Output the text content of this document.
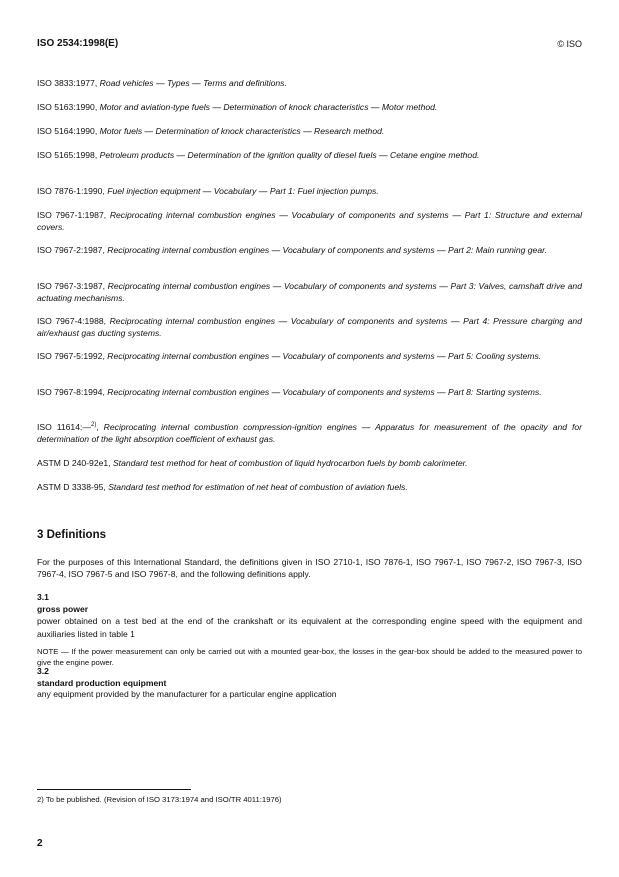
ISO 2534:1998(E)	© ISO
ISO 3833:1977, Road vehicles — Types — Terms and definitions.
ISO 5163:1990, Motor and aviation-type fuels — Determination of knock characteristics — Motor method.
ISO 5164:1990, Motor fuels — Determination of knock characteristics — Research method.
ISO 5165:1998, Petroleum products — Determination of the ignition quality of diesel fuels — Cetane engine method.
ISO 7876-1:1990, Fuel injection equipment — Vocabulary — Part 1: Fuel injection pumps.
ISO 7967-1:1987, Reciprocating internal combustion engines — Vocabulary of components and systems — Part 1: Structure and external covers.
ISO 7967-2:1987, Reciprocating internal combustion engines — Vocabulary of components and systems — Part 2: Main running gear.
ISO 7967-3:1987, Reciprocating internal combustion engines — Vocabulary of components and systems — Part 3: Valves, camshaft drive and actuating mechanisms.
ISO 7967-4:1988, Reciprocating internal combustion engines — Vocabulary of components and systems — Part 4: Pressure charging and air/exhaust gas ducting systems.
ISO 7967-5:1992, Reciprocating internal combustion engines — Vocabulary of components and systems — Part 5: Cooling systems.
ISO 7967-8:1994, Reciprocating internal combustion engines — Vocabulary of components and systems — Part 8: Starting systems.
ISO 11614:—$^{2)}$, Reciprocating internal combustion compression-ignition engines — Apparatus for measurement of the opacity and for determination of the light absorption coefficient of exhaust gas.
ASTM D 240-92e1, Standard test method for heat of combustion of liquid hydrocarbon fuels by bomb calorimeter.
ASTM D 3338-95, Standard test method for estimation of net heat of combustion of aviation fuels.
3 Definitions
For the purposes of this International Standard, the definitions given in ISO 2710-1, ISO 7876-1, ISO 7967-1, ISO 7967-2, ISO 7967-3, ISO 7967-4, ISO 7967-5 and ISO 7967-8, and the following definitions apply.
3.1
gross power
power obtained on a test bed at the end of the crankshaft or its equivalent at the corresponding engine speed with the equipment and auxiliaries listed in table 1
NOTE — If the power measurement can only be carried out with a mounted gear-box, the losses in the gear-box should be added to the measured power to give the engine power.
3.2
standard production equipment
any equipment provided by the manufacturer for a particular engine application
2) To be published. (Revision of ISO 3173:1974 and ISO/TR 4011:1976)
2
